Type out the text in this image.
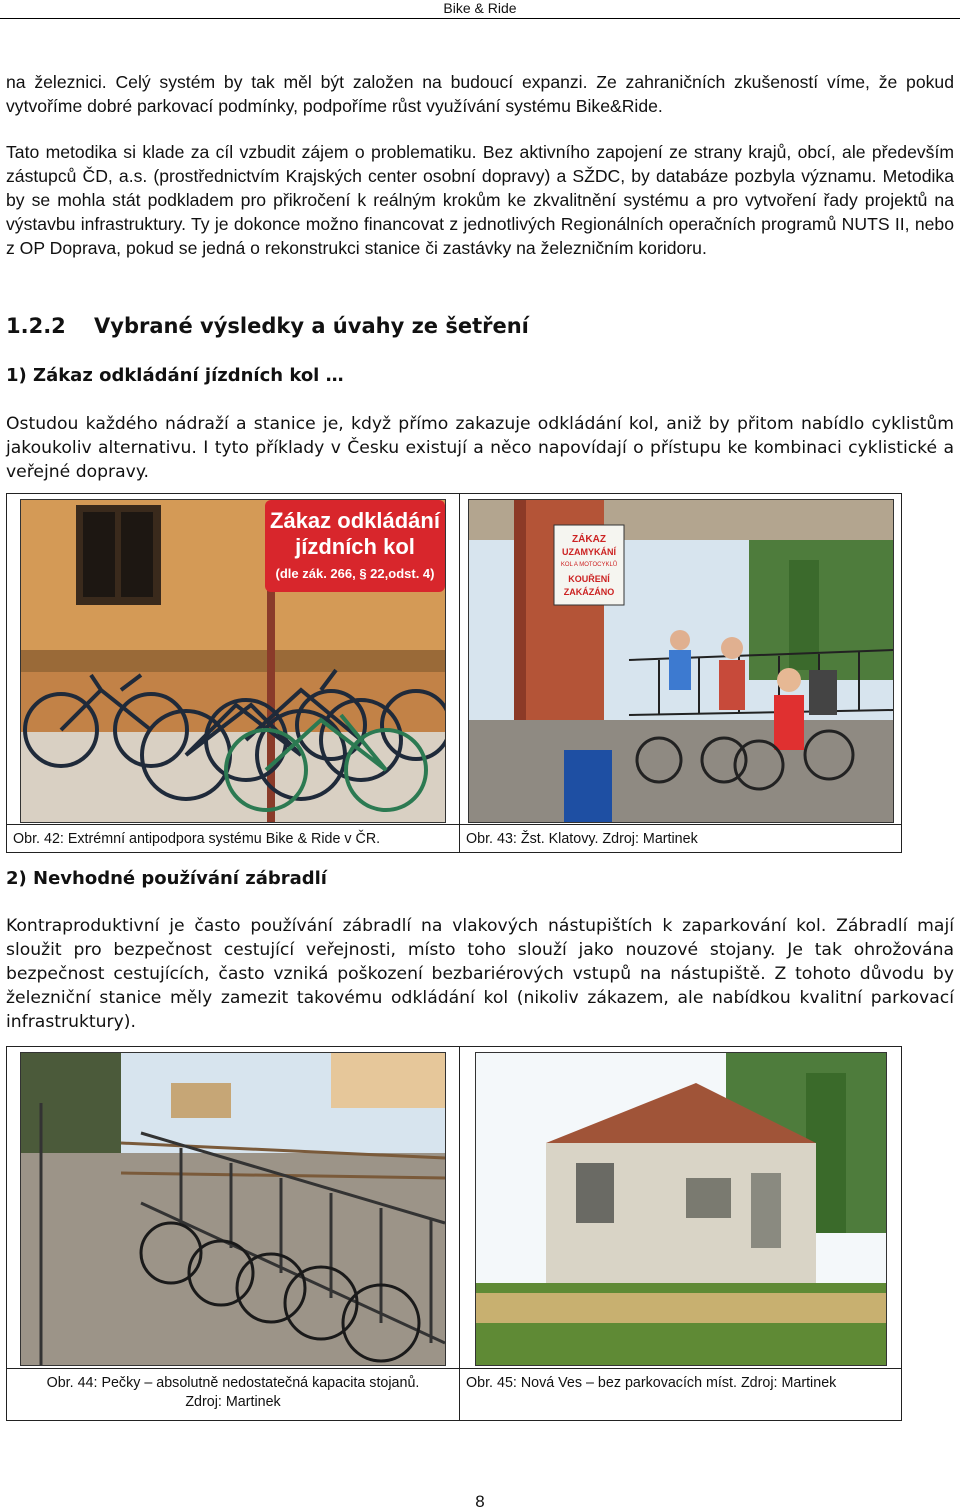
Bike & Ride

na železnici. Celý systém by tak měl být založen na budoucí expanzi. Ze zahraničních zkušeností víme, že pokud vytvoříme dobré parkovací podmínky, podpoříme růst využívání systému Bike&Ride.

Tato metodika si klade za cíl vzbudit zájem o problematiku. Bez aktivního zapojení ze strany krajů, obcí, ale především zástupců ČD, a.s. (prostřednictvím Krajských center osobní dopravy) a SŽDC, by databáze pozbyla významu. Metodika by se mohla stát podkladem pro přikročení k reálným krokům ke zkvalitnění systému a pro vytvoření řady projektů na výstavbu infrastruktury. Ty je dokonce možno financovat z jednotlivých Regionálních operačních programů NUTS II, nebo z OP Doprava, pokud se jedná o rekonstrukci stanice či zastávky na železničním koridoru.

1.2.2 Vybrané výsledky a úvahy ze šetření
1) Zákaz odkládání jízdních kol …

Ostudou každého nádraží a stanice je, když přímo zakazuje odkládání kol, aniž by přitom nabídlo cyklistům jakoukoliv alternativu. I tyto příklady v Česku existují a něco napovídají o přístupu ke kombinaci cyklistické a veřejné dopravy.

Zákaz odkládání
jízdních kol
(dle zák. 266, § 22,odst. 4)	ZÁKAZ
UZAMYKÁNÍ
KOL A MOTOCYKLŮ
KOUŘENÍ
ZAKÁZÁNO

Obr. 42: Extrémní antipodpora systému Bike & Ride v ČR.	Obr. 43: Žst. Klatovy. Zdroj: Martinek
2) Nevhodné používání zábradlí

Kontraproduktivní je často používání zábradlí na vlakových nástupištích k zaparkování kol. Zábradlí mají sloužit pro bezpečnost cestující veřejnosti, místo toho slouží jako nouzové stojany. Je tak ohrožována bezpečnost cestujících, často vzniká poškození bezbariérových vstupů na nástupiště. Z tohoto důvodu by železniční stanice měly zamezit takovému odkládání kol (nikoliv zákazem, ale nabídkou kvalitní parkovací infrastruktury).

Obr. 44: Pečky – absolutně nedostatečná kapacita stojanů.
Zdroj: Martinek	Obr. 45: Nová Ves – bez parkovacích míst. Zdroj: Martinek
8
